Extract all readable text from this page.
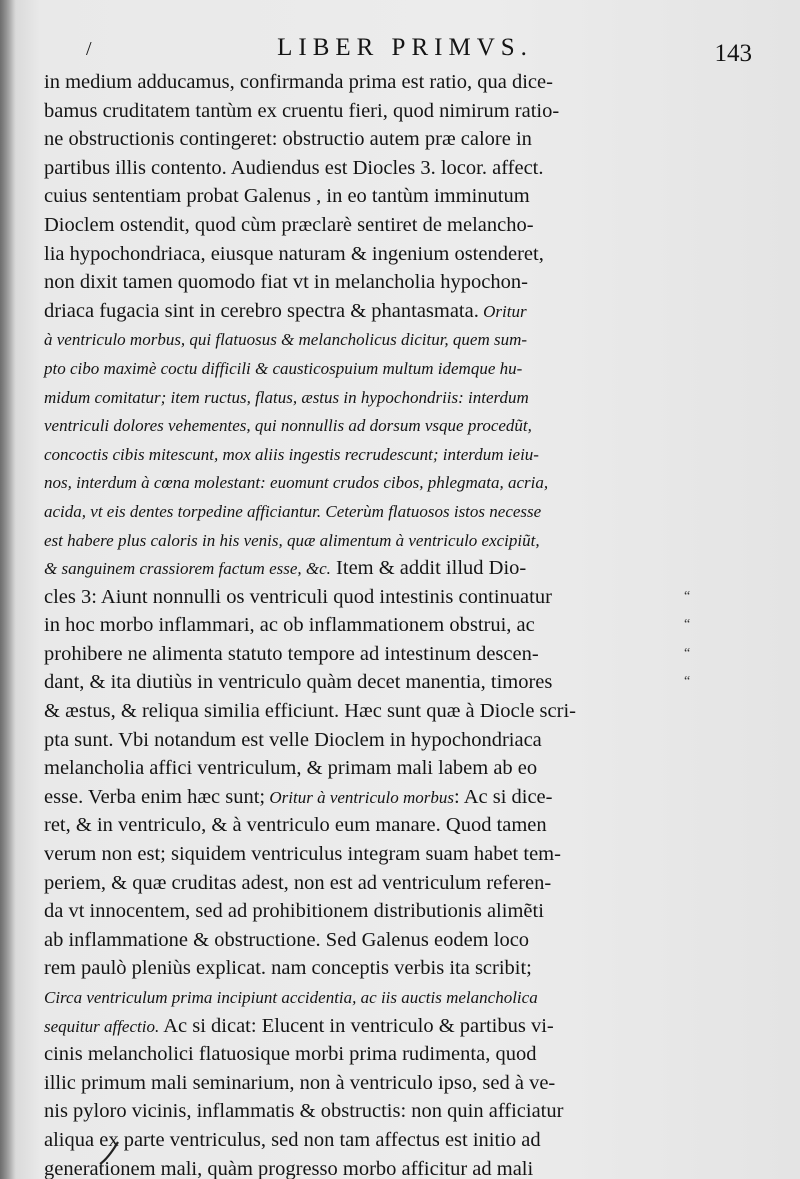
/	LIBER PRIMVS.	143
in medium adducamus, confirmanda prima est ratio, qua dice-
bamus cruditatem tantùm ex cruentu fieri, quod nimirum ratio-
ne obstructionis contingeret: obstructio autem præ calore in
partibus illis contento. Audiendus est Diocles 3. locor. affect.
cuius sententiam probat Galenus , in eo tantùm imminutum
Dioclem ostendit, quod cùm præclarè sentiret de melancho-
lia hypochondriaca, eiusque naturam & ingenium ostenderet,
non dixit tamen quomodo fiat vt in melancholia hypochon-
driaca fugacia sint in cerebro spectra & phantasmata. Oritur
à ventriculo morbus, qui flatuosus & melancholicus dicitur, quem sum-
pto cibo maximè coctu difficili & causticospuium multum idemque hu-
midum comitatur; item ructus, flatus, æstus in hypochondriis: interdum
ventriculi dolores vehementes, qui nonnullis ad dorsum vsque procedũt,
concoctis cibis mitescunt, mox aliis ingestis recrudescunt; interdum ieiu-
nos, interdum à cœna molestant: euomunt crudos cibos, phlegmata, acria,
acida, vt eis dentes torpedine afficiantur. Ceterùm flatuosos istos necesse
est habere plus caloris in his venis, quæ alimentum à ventriculo excipiũt,
& sanguinem crassiorem factum esse, &c. Item & addit illud Dio-
cles 3: Aiunt nonnulli os ventriculi quod intestinis continuatur	“
in hoc morbo inflammari, ac ob inflammationem obstrui, ac	“
prohibere ne alimenta statuto tempore ad intestinum descen-	“
dant, & ita diutiùs in ventriculo quàm decet manentia, timores	“
& æstus, & reliqua similia efficiunt. Hæc sunt quæ à Diocle scri-
pta sunt. Vbi notandum est velle Dioclem in hypochondriaca
melancholia affici ventriculum, & primam mali labem ab eo
esse. Verba enim hæc sunt; Oritur à ventriculo morbus: Ac si dice-
ret, & in ventriculo, & à ventriculo eum manare. Quod tamen
verum non est; siquidem ventriculus integram suam habet tem-
periem, & quæ cruditas adest, non est ad ventriculum referen-
da vt innocentem, sed ad prohibitionem distributionis alimẽti
ab inflammatione & obstructione. Sed Galenus eodem loco
rem paulò pleniùs explicat. nam conceptis verbis ita scribit;
Circa ventriculum prima incipiunt accidentia, ac iis auctis melancholica
sequitur affectio. Ac si dicat: Elucent in ventriculo & partibus vi-
cinis melancholici flatuosique morbi prima rudimenta, quod
illic primum mali seminarium, non à ventriculo ipso, sed à ve-
nis pyloro vicinis, inflammatis & obstructis: non quin afficiatur
aliqua ex parte ventriculus, sed non tam affectus est initio ad
generationem mali, quàm progresso morbo afficitur ad mali
